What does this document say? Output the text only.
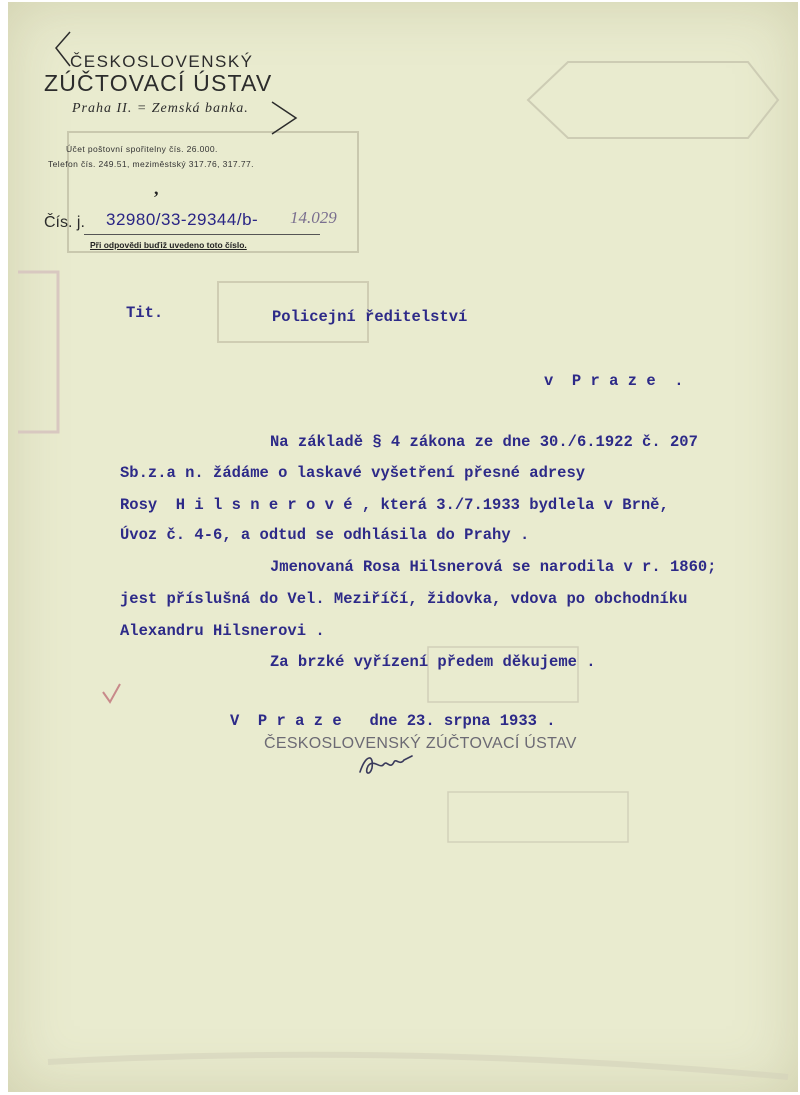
ČESKOSLOVENSKÝ
ZÚČTOVACÍ ÚSTAV
Praha II. = Zemská banka.
Účet poštovní spořitelny čís. 26.000.
Telefon čís. 249.51, meziměstský 317.76, 317.77.
,
Čís. j. 32980/33-29344/b- 14.029
Při odpovědi buďiž uvedeno toto číslo.
Tit.	Policejní ředitelství
v  P r a z e  .
Na základě § 4 zákona ze dne 30./6.1922 č. 207
Sb.z.a n. žádáme o laskavé vyšetření přesné adresy
Rosy  H i l s n e r o v é , která 3./7.1933 bydlela v Brně,
Úvoz č. 4-6, a odtud se odhlásila do Prahy .
Jmenovaná Rosa Hilsnerová se narodila v r. 1860;
jest příslušná do Vel. Meziříčí, židovka, vdova po obchodníku
Alexandru Hilsnerovi .
Za brzké vyřízení předem děkujeme .
V  P r a z e   dne 23. srpna 1933 .
ČESKOSLOVENSKÝ ZÚČTOVACÍ ÚSTAV
